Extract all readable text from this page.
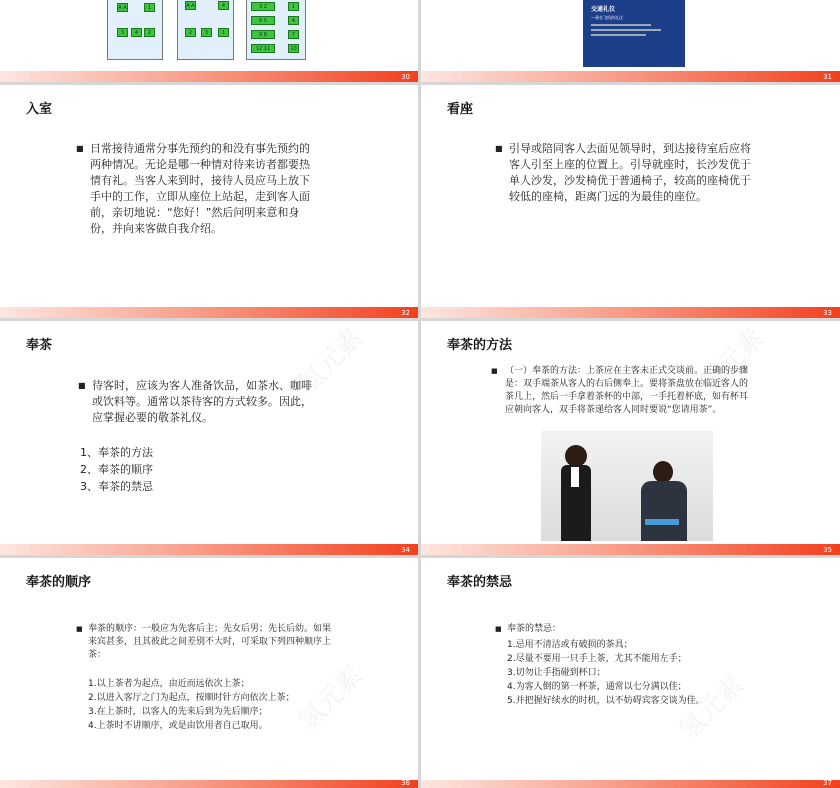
A A	1
3	4	2
A A	4
2	3	1
3 2	1
6 5	4
9 8	7
12 11	10
30
交通礼仪
—乘坐飞机的礼仪
31
入室
■ 日常接待通常分事先预约的和没有事先预约的两种情况。无论是哪一种情对待来访者都要热情有礼。当客人来到时，接待人员应马上放下手中的工作，立即从座位上站起，走到客人面前，亲切地说：“您好！”然后问明来意和身份，并向来客做自我介绍。
32
看座
■ 引导或陪同客人去面见领导时，到达接待室后应将客人引至上座的位置上。引导就座时，长沙发优于单人沙发，沙发椅优于普通椅子，较高的座椅优于较低的座椅，距离门远的为最佳的座位。
33
奉茶	氢元素
■ 待客时，应该为客人准备饮品，如茶水、咖啡或饮料等。通常以茶待客的方式较多。因此，应掌握必要的敬茶礼仪。
1、奉茶的方法
2、奉茶的顺序
3、奉茶的禁忌
34
奉茶的方法	氢元素
■ （一）奉茶的方法：上茶应在主客未正式交谈前。正确的步骤是：双手端茶从客人的右后侧奉上。要将茶盘放在临近客人的茶几上，然后一手拿着茶杯的中部，一手托着杯底，如有杯耳应朝向客人，双手将茶递给客人同时要说“您请用茶”。
35
奉茶的顺序
氢元素
■ 奉茶的顺序：一般应为先客后主；先女后男；先长后幼。如果来宾甚多，且其彼此之间差别不大时，可采取下列四种顺序上茶：
1.以上茶者为起点，由近而远依次上茶；
2.以进入客厅之门为起点，按顺时针方向依次上茶；
3.在上茶时，以客人的先来后到为先后顺序；
4.上茶时不讲顺序，或是由饮用者自己取用。
36
奉茶的禁忌
氢元素
■ 奉茶的禁忌：
1.忌用不清洁或有破损的茶具；
2.尽量不要用一只手上茶，尤其不能用左手；
3.切勿让手指碰到杯口；
4.为客人倒的第一杯茶，通常以七分满以佳；
5.并把握好续水的时机，以不妨碍宾客交谈为佳。
37
